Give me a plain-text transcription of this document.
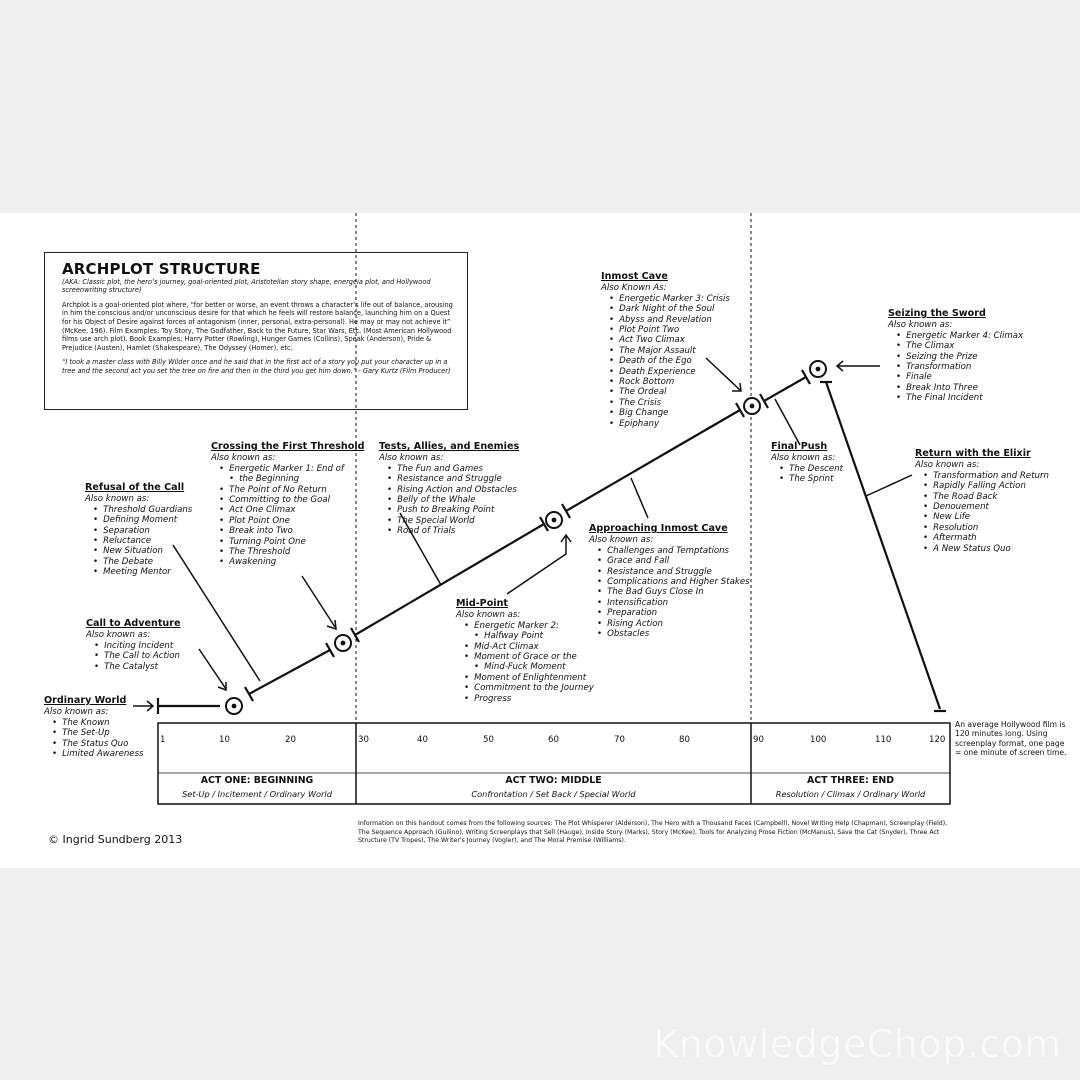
ARCHPLOT STRUCTURE
(AKA: Classic plot, the hero’s journey, goal-oriented plot, Aristotelian story shape, energeia plot, and Hollywood screenwriting structure)
Archplot is a goal-oriented plot where, “for better or worse, an event throws a character’s life out of balance, arousing in him the conscious and/or unconscious desire for that which he feels will restore balance, launching him on a Quest for his Object of Desire against forces of antagonism (inner, personal, extra-personal). He may or may not achieve it” (McKee, 196). Film Examples: Toy Story, The Godfather, Back to the Future, Star Wars, Etc. (Most American Hollywood films use arch plot). Book Examples: Harry Potter (Rowling), Hunger Games (Collins), Speak (Anderson), Pride & Prejudice (Austen), Hamlet (Shakespeare), The Odyssey (Homer), etc.
“I took a master class with Billy Wilder once and he said that in the first act of a story you put your character up in a tree and the second act you set the tree on fire and then in the third you get him down.” - Gary Kurtz (Film Producer)
Ordinary World
Also known as:
• The Known
• The Set-Up
• The Status Quo
• Limited Awareness
Call to Adventure
Also known as:
• Inciting Incident
• The Call to Action
• The Catalyst
Refusal of the Call
Also known as:
• Threshold Guardians
• Defining Moment
• Separation
• Reluctance
• New Situation
• The Debate
• Meeting Mentor
Crossing the First Threshold
Also known as:
• Energetic Marker 1: End of
• the Beginning
• The Point of No Return
• Committing to the Goal
• Act One Climax
• Plot Point One
• Break into Two
• Turning Point One
• The Threshold
• Awakening
Tests, Allies, and Enemies
Also known as:
• The Fun and Games
• Resistance and Struggle
• Rising Action and Obstacles
• Belly of the Whale
• Push to Breaking Point
• The Special World
• Road of Trials
Mid-Point
Also known as:
• Energetic Marker 2:
• Halfway Point
• Mid-Act Climax
• Moment of Grace or the
• Mind-Fuck Moment
• Moment of Enlightenment
• Commitment to the Journey
• Progress
Approaching Inmost Cave
Also known as:
• Challenges and Temptations
• Grace and Fall
• Resistance and Struggle
• Complications and Higher Stakes
• The Bad Guys Close In
• Intensification
• Preparation
• Rising Action
• Obstacles
Inmost Cave
Also Known As:
• Energetic Marker 3: Crisis
• Dark Night of the Soul
• Abyss and Revelation
• Plot Point Two
• Act Two Climax
• The Major Assault
• Death of the Ego
• Death Experience
• Rock Bottom
• The Ordeal
• The Crisis
• Big Change
• Epiphany
Final Push
Also known as:
• The Descent
• The Sprint
Seizing the Sword
Also known as:
• Energetic Marker 4: Climax
• The Climax
• Seizing the Prize
• Transformation
• Finale
• Break Into Three
• The Final Incident
Return with the Elixir
Also known as:
• Transformation and Return
• Rapidly Falling Action
• The Road Back
• Denouement
• New Life
• Resolution
• Aftermath
• A New Status Quo
1	10	20	30	40	50	60	70	80	90	100	110	120
ACT ONE: BEGINNING
Set-Up / Incitement / Ordinary World
ACT TWO: MIDDLE
Confrontation / Set Back / Special World
ACT THREE: END
Resolution / Climax / Ordinary World
An average Hollywood film is 120 minutes long. Using screenplay format, one page = one minute of screen time.
Information on this handout comes from the following sources: The Plot Whisperer (Alderson), The Hero with a Thousand Faces (Campbell), Novel Writing Help (Chapman), Screenplay (Field), The Sequence Approach (Guilino), Writing Screenplays that Sell (Hauge), Inside Story (Marks), Story (McKee), Tools for Analyzing Prose Fiction (McManus), Save the Cat (Snyder), Three Act Structure (TV Tropes), The Writer's Journey (Vogler), and The Moral Premise (Williams).
© Ingrid Sundberg 2013
KnowledgeChop.com
